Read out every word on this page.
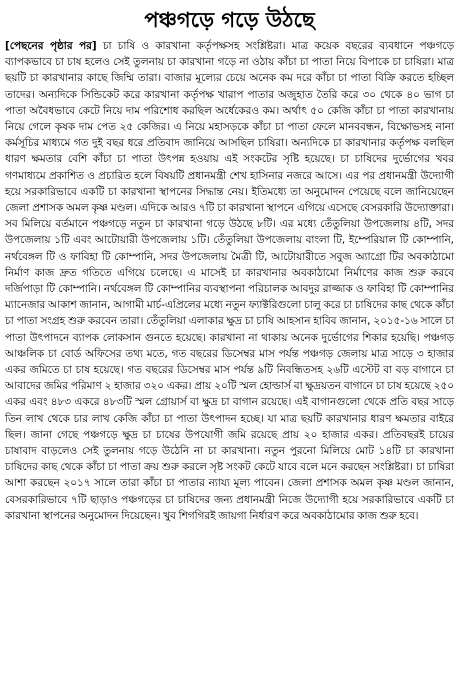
পঞ্চগড়ে গড়ে উঠছে

[পেছনের পৃষ্ঠার পর] চা চাষি ও কারখানা কর্তৃপক্ষসহ সংশ্লিষ্টরা। মাত্র কয়েক বছরের ব্যবধানে পঞ্চগড়ে ব্যাপকভাবে চা চাষ হলেও সেই তুলনায় চা কারখানা গড়ে না ওঠায় কাঁচা চা পাতা নিয়ে বিপাকে চা চাষিরা। মাত্র ছয়টি চা কারখানার কাছে জিম্মি তারা। বাজার মূল্যের চেয়ে অনেক কম দরে কাঁচা চা পাতা বিক্রি করতে হচ্ছিল তাদের। অন্যদিকে সিন্ডিকেট করে কারখানা কর্তৃপক্ষ খারাপ পাতার অজুহাত তৈরি করে ৩০ থেকে ৪০ ভাগ চা পাতা অবৈধভাবে কেটে নিয়ে দাম পরিশোধ করছিল অর্ধেকেরও কম। অর্থাৎ ৫০ কেজি কাঁচা চা পাতা কারখানায় নিয়ে গেলে কৃষক দাম পেত ২৫ কেজির। এ নিয়ে মহাসড়কে কাঁচা চা পাতা ফেলে মানববন্ধন, বিক্ষোভসহ নানা কর্মসূচির মাধ্যমে গত দুই বছর ধরে প্রতিবাদ জানিয়ে আসছিল চাষিরা। অন্যদিকে চা কারখানার কর্তৃপক্ষ বলছিল ধারণ ক্ষমতার বেশি কাঁচা চা পাতা উৎপন্ন হওয়ায় এই সংকটের সৃষ্টি হয়েছে। চা চাষিদের দুর্ভোগের খবর গণমাধ্যমে প্রকাশিত ও প্রচারিত হলে বিষয়টি প্রধানমন্ত্রী শেখ হাসিনার নজরে আসে। এর পর প্রধানমন্ত্রী উদ্যোগী হয়ে সরকারিভাবে একটি চা কারখানা স্থাপনের সিদ্ধান্ত নেয়। ইতিমধ্যে তা অনুমোদন পেয়েছে বলে জানিয়েছেন জেলা প্রশাসক অমল কৃষ্ণ মণ্ডল। এদিকে আরও ৭টি চা কারখানা স্থাপনে এগিয়ে এসেছে বেসরকারি উদ্যোক্তারা। সব মিলিয়ে বর্তমানে পঞ্চগড়ে নতুন চা কারখানা গড়ে উঠছে ৮টি। এর মধ্যে তেঁতুলিয়া উপজেলায় ৪টি, সদর উপজেলায় ১টি এবং আটোয়ারী উপজেলায় ১টি। তেঁতুলিয়া উপজেলায় বাংলা টি, ইম্পেরিয়াল টি কোম্পানি, নর্থবেঙ্গল টি ও ফাবিহা টি কোম্পানি, সদর উপজেলায় মৈত্রী টি, আটোয়ারীতে সবুজ অ্যাগ্রো টির অবকাঠামো নির্মাণ কাজ দ্রুত গতিতে এগিয়ে চলেছে। এ মাসেই চা কারখানার অবকাঠামো নির্মাণের কাজ শুরু করবে দর্জিপাড়া টি কোম্পানি। নর্থবেঙ্গল টি কোম্পানির ব্যবস্থাপনা পরিচালক আবদুর রাজ্জাক ও ফাবিহা টি কোম্পানির ম্যানেজার আকাশ জানান, আগামী মার্চ-এপ্রিলের মধ্যে নতুন ফ্যাক্টরিগুলো চালু করে চা চাষিদের কাছ থেকে কাঁচা চা পাতা সংগ্রহ শুরু করবেন তারা। তেঁতুলিয়া এলাকার ক্ষুদ্র চা চাষি আহসান হাবিব জানান, ২০১৫-১৬ সালে চা পাতা উৎপাদনে ব্যাপক লোকসান গুনতে হয়েছে। কারখানা না থাকায় অনেক দুর্ভোগের শিকার হয়েছি। পঞ্চগড় আঞ্চলিক চা বোর্ড অফিসের তথ্য মতে, গত বছরের ডিসেম্বর মাস পর্যন্ত পঞ্চগড় জেলায় মাত্র সাড়ে ৩ হাজার একর জমিতে চা চাষ হয়েছে। গত বছরের ডিসেম্বর মাস পর্যন্ত ৯টি নিবন্ধিতসহ ২৬টি এস্টেট বা বড় বাগানে চা আবাদের জমির পরিমাণ ২ হাজার ৩২০ একর। প্রায় ২০টি স্মল হোল্ডার্স বা ক্ষুদ্রয়তন বাগানে চা চাষ হয়েছে ২৫০ একর এবং ৪৮৩ একরে ৪৮৩টি স্মল গ্রোয়ার্স বা ক্ষুদ্র চা বাগান রয়েছে। এই বাগানগুলো থেকে প্রতি বছর সাড়ে তিন লাখ থেকে চার লাখ কেজি কাঁচা চা পাতা উৎপাদন হচ্ছে। যা মাত্র ছয়টি কারখানার ধারণ ক্ষমতার বাইরে ছিল। জানা গেছে পঞ্চগড়ে ক্ষুদ্র চা চাষের উপযোগী জমি রয়েছে প্রায় ২০ হাজার একর। প্রতিবছরই চায়ের চাষাবাদ বাড়লেও সেই তুলনায় গড়ে উঠেনি না চা কারখানা। নতুন পুরনো মিলিয়ে মোট ১৪টি চা কারখানা চাষিদের কাছ থেকে কাঁচা চা পাতা ক্রয় শুরু করলে সৃষ্ট সংকট কেটে যাবে বলে মনে করছেন সংশ্লিষ্টরা। চা চাষিরা আশা করছেন ২০১৭ সালে তারা কাঁচা চা পাতার ন্যায্য মূল্য পাবেন। জেলা প্রশাসক অমল কৃষ্ণ মণ্ডল জানান, বেসরকারিভাবে ৭টি ছাড়াও পঞ্চগড়ের চা চাষিদের জন্য প্রধানমন্ত্রী নিজে উদ্যোগী হয়ে সরকারিভাবে একটি চা কারখানা স্থাপনের অনুমোদন দিয়েছেন। খুব শিগগিরই জায়গা নির্ধারণ করে অবকাঠামোর কাজ শুরু হবে।
